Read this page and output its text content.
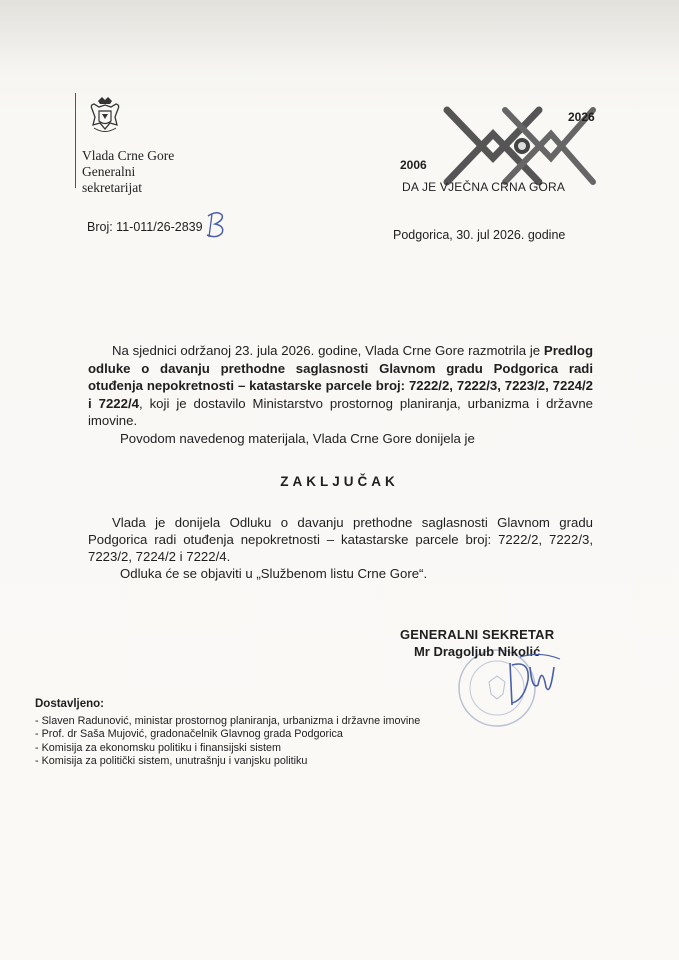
Vlada Crne Gore
Generalni
sekretarijat
2026
2006
DA JE VJEČNA CRNA GORA
Broj: 11-011/26-2839
Podgorica, 30. jul 2026. godine

Na sjednici održanoj 23. jula 2026. godine, Vlada Crne Gore razmotrila je Predlog odluke o davanju prethodne saglasnosti Glavnom gradu Podgorica radi otuđenja nepokretnosti – katastarske parcele broj: 7222/2, 7222/3, 7223/2, 7224/2 i 7222/4, koji je dostavilo Ministarstvo prostornog planiranja, urbanizma i državne imovine.

Povodom navedenog materijala, Vlada Crne Gore donijela je

ZAKLJUČAK

Vlada je donijela Odluku o davanju prethodne saglasnosti Glavnom gradu Podgorica radi otuđenja nepokretnosti – katastarske parcele broj: 7222/2, 7222/3, 7223/2, 7224/2 i 7222/4.

Odluka će se objaviti u „Službenom listu Crne Gore“.

GENERALNI SEKRETAR
Mr Dragoljub Nikolić
Dostavljeno:
- Slaven Radunović, ministar prostornog planiranja, urbanizma i državne imovine
- Prof. dr Saša Mujović, gradonačelnik Glavnog grada Podgorica
- Komisija za ekonomsku politiku i finansijski sistem
- Komisija za politički sistem, unutrašnju i vanjsku politiku
